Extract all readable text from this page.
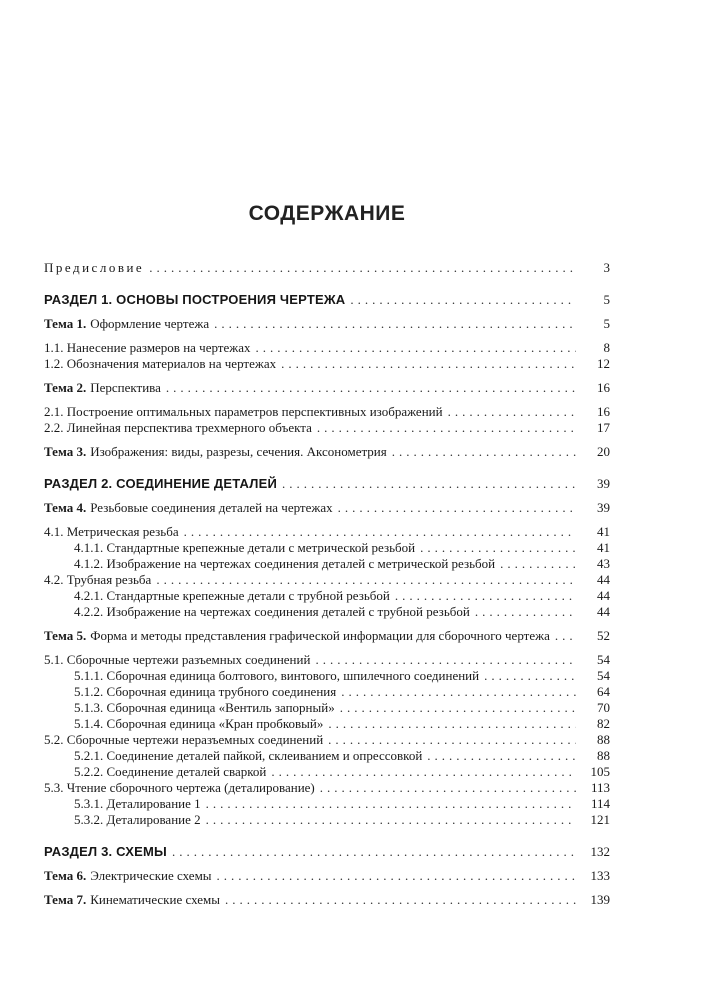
СОДЕРЖАНИЕ
Предисловие .....	3
РАЗДЕЛ 1. ОСНОВЫ ПОСТРОЕНИЯ ЧЕРТЕЖА .....	5
Тема 1. Оформление чертежа .....	5
1.1. Нанесение размеров на чертежах .....	8
1.2. Обозначения материалов на чертежах .....	12
Тема 2. Перспектива .....	16
2.1. Построение оптимальных параметров перспективных изображений .....	16
2.2. Линейная перспектива трехмерного объекта .....	17
Тема 3. Изображения: виды, разрезы, сечения. Аксонометрия .....	20
РАЗДЕЛ 2. СОЕДИНЕНИЕ ДЕТАЛЕЙ .....	39
Тема 4. Резьбовые соединения деталей на чертежах .....	39
4.1. Метрическая резьба .....	41
4.1.1. Стандартные крепежные детали с метрической резьбой .....	41
4.1.2. Изображение на чертежах соединения деталей с метрической резьбой .....	43
4.2. Трубная резьба .....	44
4.2.1. Стандартные крепежные детали с трубной резьбой .....	44
4.2.2. Изображение на чертежах соединения деталей с трубной резьбой .....	44
Тема 5. Форма и методы представления графической информации для сборочного чертежа .....	52
5.1. Сборочные чертежи разъемных соединений .....	54
5.1.1. Сборочная единица болтового, винтового, шпилечного соединений .....	54
5.1.2. Сборочная единица трубного соединения .....	64
5.1.3. Сборочная единица «Вентиль запорный» .....	70
5.1.4. Сборочная единица «Кран пробковый» .....	82
5.2. Сборочные чертежи неразъемных соединений .....	88
5.2.1. Соединение деталей пайкой, склеиванием и опрессовкой .....	88
5.2.2. Соединение деталей сваркой .....	105
5.3. Чтение сборочного чертежа (деталирование) .....	113
5.3.1. Деталирование 1 .....	114
5.3.2. Деталирование 2 .....	121
РАЗДЕЛ 3. СХЕМЫ .....	132
Тема 6. Электрические схемы .....	133
Тема 7. Кинематические схемы .....	139
